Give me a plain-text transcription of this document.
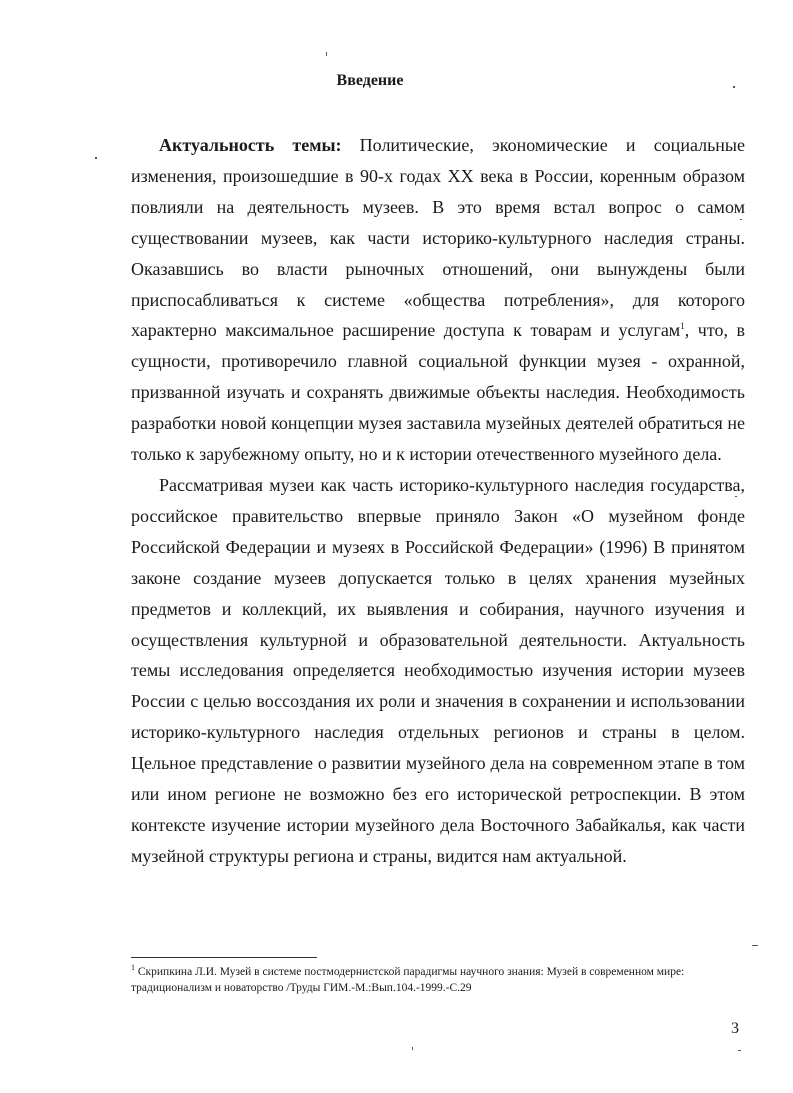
Введение

Актуальность темы: Политические, экономические и социальные изменения, произошедшие в 90-х годах XX века в России, коренным образом повлияли на деятельность музеев. В это время встал вопрос о самом существовании музеев, как части историко-культурного наследия страны. Оказавшись во власти рыночных отношений, они вынуждены были приспосабливаться к системе «общества потребления», для которого характерно максимальное расширение доступа к товарам и услугам$^1$, что, в сущности, противоречило главной социальной функции музея - охранной, призванной изучать и сохранять движимые объекты наследия. Необходимость разработки новой концепции музея заставила музейных деятелей обратиться не только к зарубежному опыту, но и к истории отечественного музейного дела.

Рассматривая музеи как часть историко-культурного наследия государства, российское правительство впервые приняло Закон «О музейном фонде Российской Федерации и музеях в Российской Федерации» (1996) В принятом законе создание музеев допускается только в целях хранения музейных предметов и коллекций, их выявления и собирания, научного изучения и осуществления культурной и образовательной деятельности. Актуальность темы исследования определяется необходимостью изучения истории музеев России с целью воссоздания их роли и значения в сохранении и использовании историко-культурного наследия отдельных регионов и страны в целом. Цельное представление о развитии музейного дела на современном этапе в том или ином регионе не возможно без его исторической ретроспекции. В этом контексте изучение истории музейного дела Восточного Забайкалья, как части музейной структуры региона и страны, видится нам актуальной.

$^1$ Скрипкина Л.И. Музей в системе постмодернистской парадигмы научного знания: Музей в современном мире: традиционализм и новаторство /Труды ГИМ.-М.:Вып.104.-1999.-С.29
3
